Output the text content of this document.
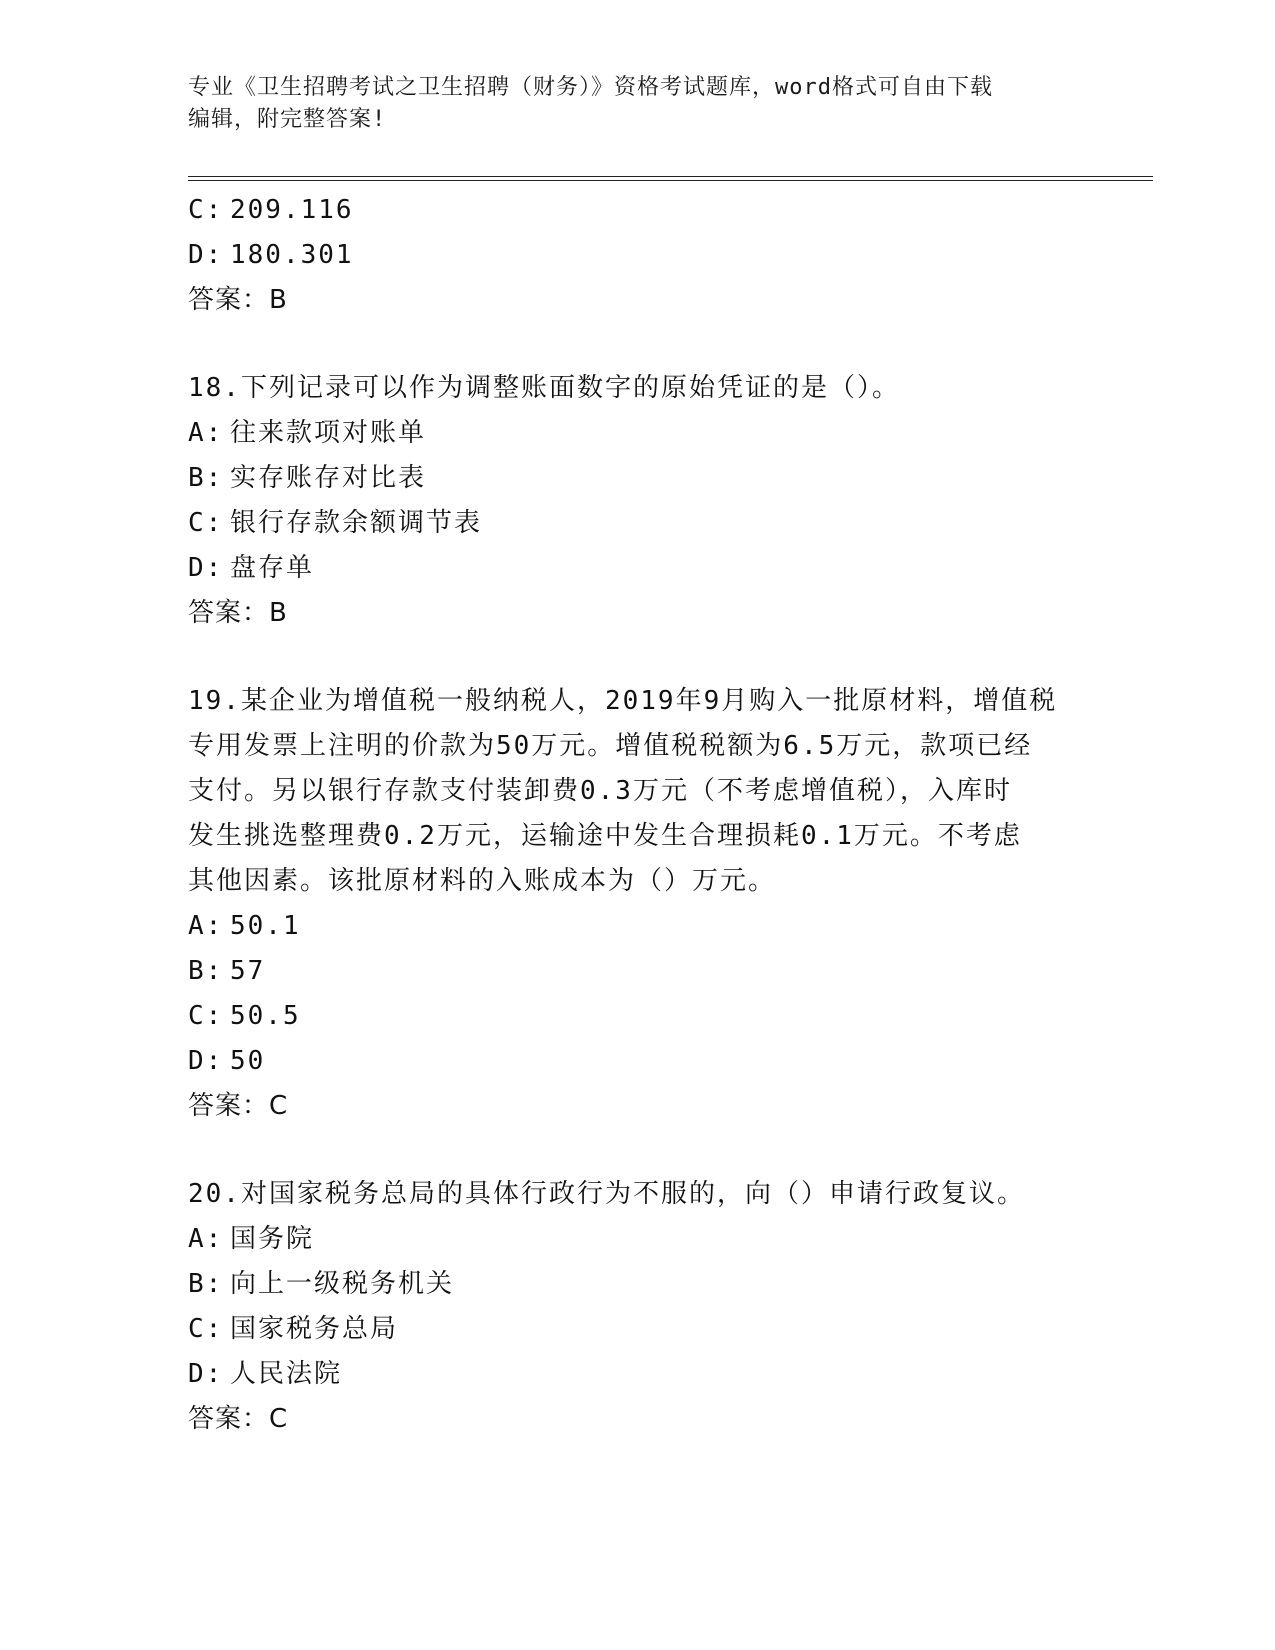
专业《卫生招聘考试之卫生招聘（财务）》资格考试题库，word格式可自由下载
编辑，附完整答案!
C: 209.116
D: 180.301
答案：B
18.下列记录可以作为调整账面数字的原始凭证的是（）。
A: 往来款项对账单
B: 实存账存对比表
C: 银行存款余额调节表
D: 盘存单
答案：B
19.某企业为增值税一般纳税人，2019年9月购入一批原材料，增值税
专用发票上注明的价款为50万元。增值税税额为6.5万元，款项已经
支付。另以银行存款支付装卸费0.3万元（不考虑增值税），入库时
发生挑选整理费0.2万元，运输途中发生合理损耗0.1万元。不考虑
其他因素。该批原材料的入账成本为（）万元。
A: 50.1
B: 57
C: 50.5
D: 50
答案：C
20.对国家税务总局的具体行政行为不服的，向（）申请行政复议。
A: 国务院
B: 向上一级税务机关
C: 国家税务总局
D: 人民法院
答案：C
